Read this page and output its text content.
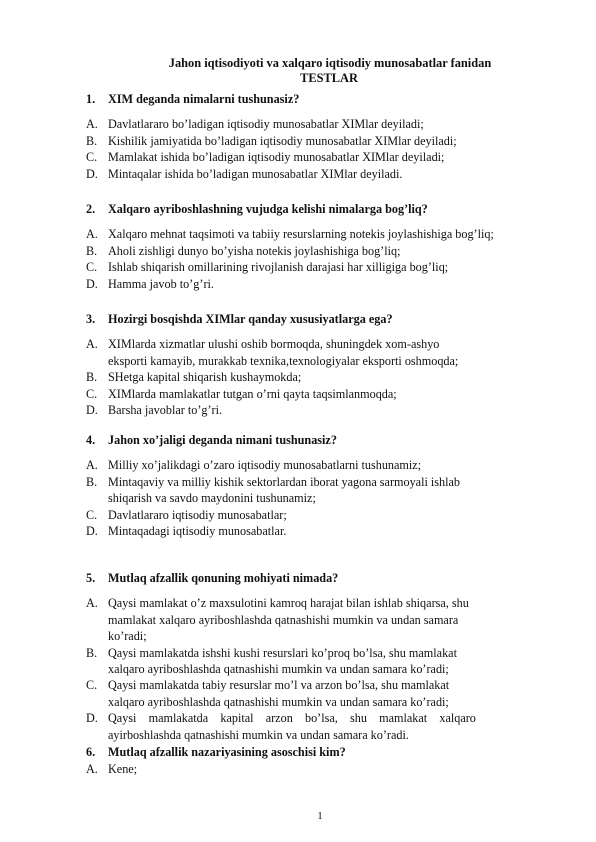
Jahon iqtisodiyoti va xalqaro iqtisodiy munosabatlar fanidan
TESTLAR
1.	XIM deganda nimalarni tushunasiz?
A. Davlatlararo bo’ladigan iqtisodiy munosabatlar XIMlar deyiladi;
B. Kishilik jamiyatida bo’ladigan iqtisodiy munosabatlar XIMlar deyiladi;
C. Mamlakat ishida bo’ladigan iqtisodiy munosabatlar XIMlar deyiladi;
D. Mintaqalar ishida bo’ladigan munosabatlar XIMlar deyiladi.
2.	Xalqaro ayriboshlashning vujudga kelishi nimalarga bog’liq?
A. Xalqaro mehnat taqsimoti va tabiiy resurslarning notekis joylashishiga bog’liq;
B. Aholi zishligi dunyo bo’yisha notekis joylashishiga bog’liq;
C. Ishlab shiqarish omillarining rivojlanish darajasi har xilligiga bog’liq;
D. Hamma javob to’g’ri.
3.	Hozirgi bosqishda XIMlar qanday xususiyatlarga ega?
A. XIMlarda xizmatlar ulushi oshib bormoqda, shuningdek xom-ashyo
eksporti kamayib, murakkab texnika,texnologiyalar eksporti oshmoqda;
B. SHetga kapital shiqarish kushaymokda;
C. XIMlarda mamlakatlar tutgan o’rni qayta taqsimlanmoqda;
D. Barsha javoblar to’g’ri.
4.	Jahon xo’jaligi deganda nimani tushunasiz?
A. Milliy xo’jalikdagi o’zaro iqtisodiy munosabatlarni tushunamiz;
B. Mintaqaviy va milliy kishik sektorlardan iborat yagona sarmoyali ishlab
shiqarish va savdo maydonini tushunamiz;
C. Davlatlararo iqtisodiy munosabatlar;
D. Mintaqadagi iqtisodiy munosabatlar.
5.	Mutlaq afzallik qonuning mohiyati nimada?
A. Qaysi mamlakat o’z maxsulotini kamroq harajat bilan ishlab shiqarsa, shu
mamlakat xalqaro ayriboshlashda qatnashishi mumkin va undan samara
ko’radi;
B. Qaysi mamlakatda ishshi kushi resurslari ko’proq bo’lsa, shu mamlakat
xalqaro ayriboshlashda qatnashishi mumkin va undan samara ko’radi;
C. Qaysi mamlakatda tabiy resurslar mo’l va arzon bo’lsa, shu mamlakat
xalqaro ayriboshlashda qatnashishi mumkin va undan samara ko’radi;
D. Qaysi    mamlakatda    kapital    arzon    bo’lsa,    shu    mamlakat    xalqaro
ayirboshlashda qatnashishi mumkin va undan samara ko’radi.
6.	Mutlaq afzallik nazariyasining asoschisi kim?
A. Kene;
1
